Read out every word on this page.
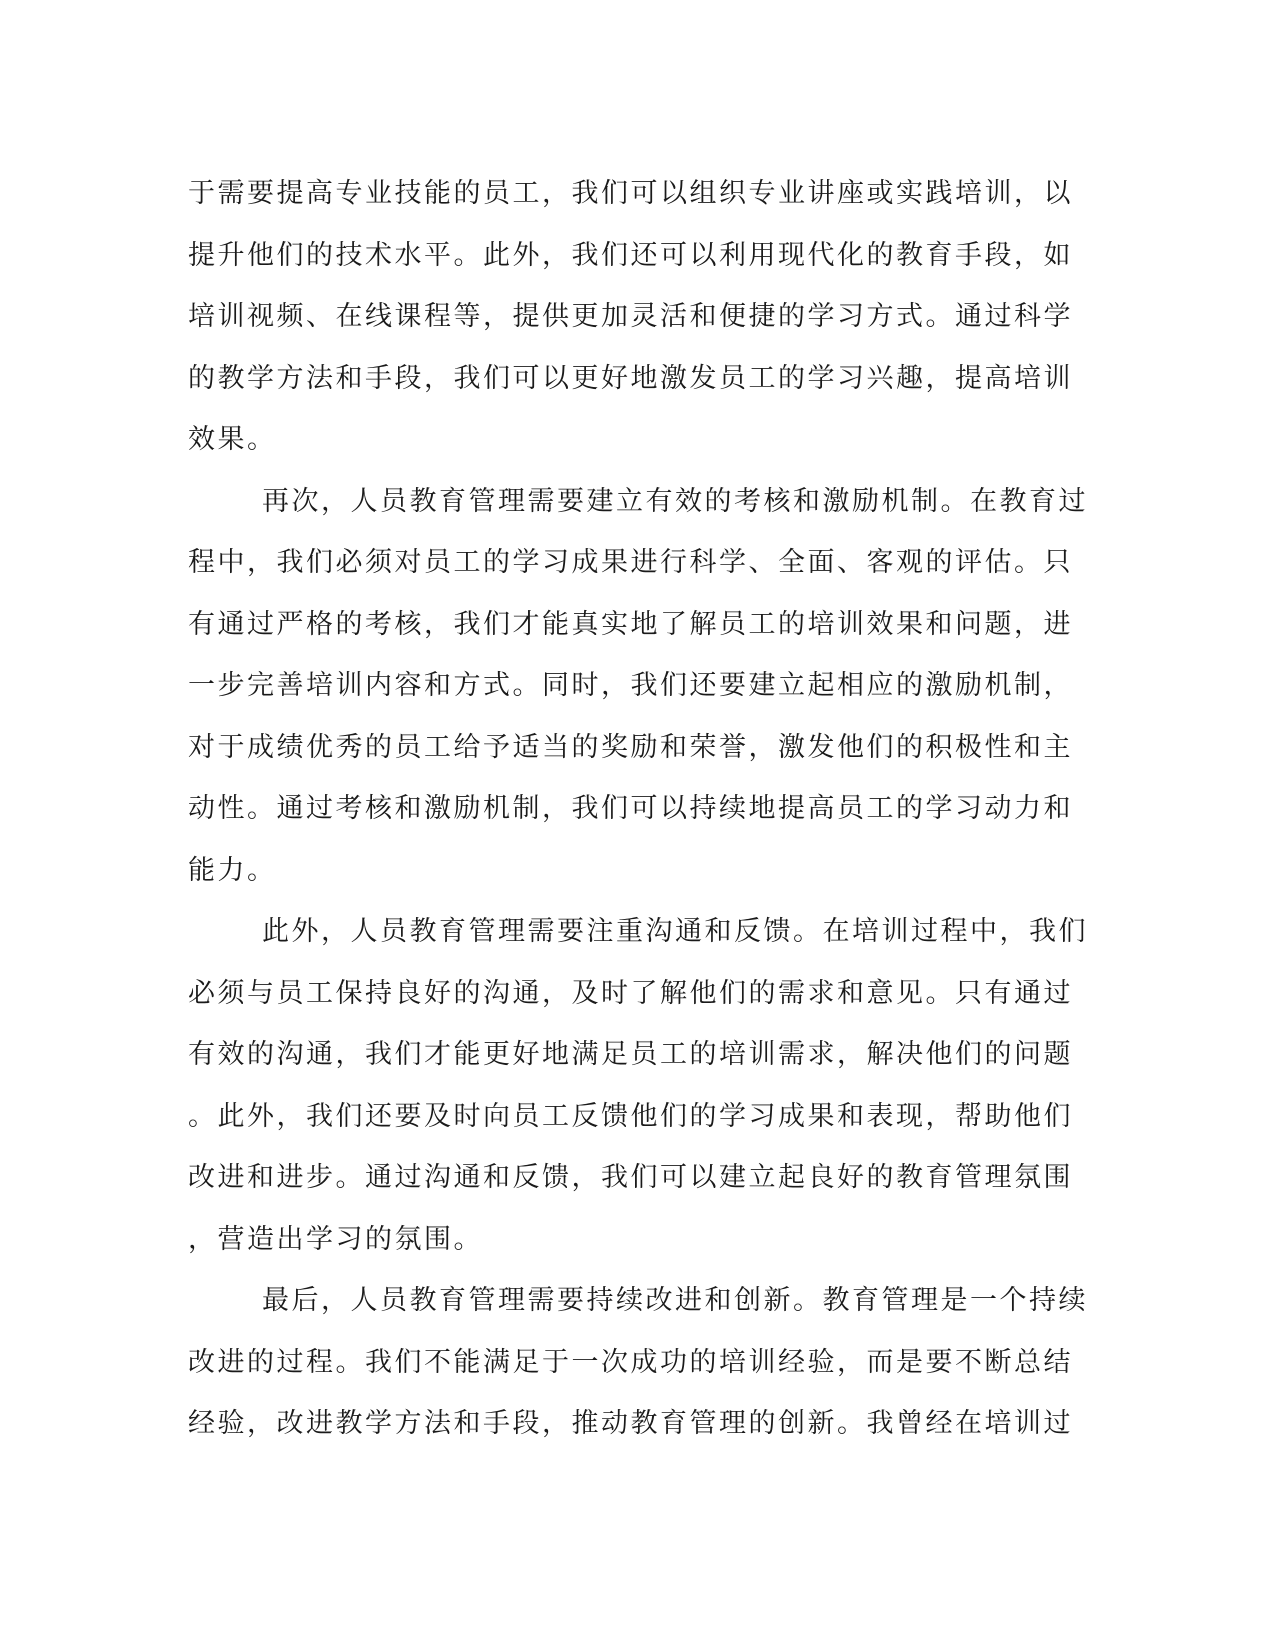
于需要提高专业技能的员工，我们可以组织专业讲座或实践培训，以
提升他们的技术水平。此外，我们还可以利用现代化的教育手段，如
培训视频、在线课程等，提供更加灵活和便捷的学习方式。通过科学
的教学方法和手段，我们可以更好地激发员工的学习兴趣，提高培训
效果。
再次，人员教育管理需要建立有效的考核和激励机制。在教育过
程中，我们必须对员工的学习成果进行科学、全面、客观的评估。只
有通过严格的考核，我们才能真实地了解员工的培训效果和问题，进
一步完善培训内容和方式。同时，我们还要建立起相应的激励机制，
对于成绩优秀的员工给予适当的奖励和荣誉，激发他们的积极性和主
动性。通过考核和激励机制，我们可以持续地提高员工的学习动力和
能力。
此外，人员教育管理需要注重沟通和反馈。在培训过程中，我们
必须与员工保持良好的沟通，及时了解他们的需求和意见。只有通过
有效的沟通，我们才能更好地满足员工的培训需求，解决他们的问题
。此外，我们还要及时向员工反馈他们的学习成果和表现，帮助他们
改进和进步。通过沟通和反馈，我们可以建立起良好的教育管理氛围
，营造出学习的氛围。
最后，人员教育管理需要持续改进和创新。教育管理是一个持续
改进的过程。我们不能满足于一次成功的培训经验，而是要不断总结
经验，改进教学方法和手段，推动教育管理的创新。我曾经在培训过
